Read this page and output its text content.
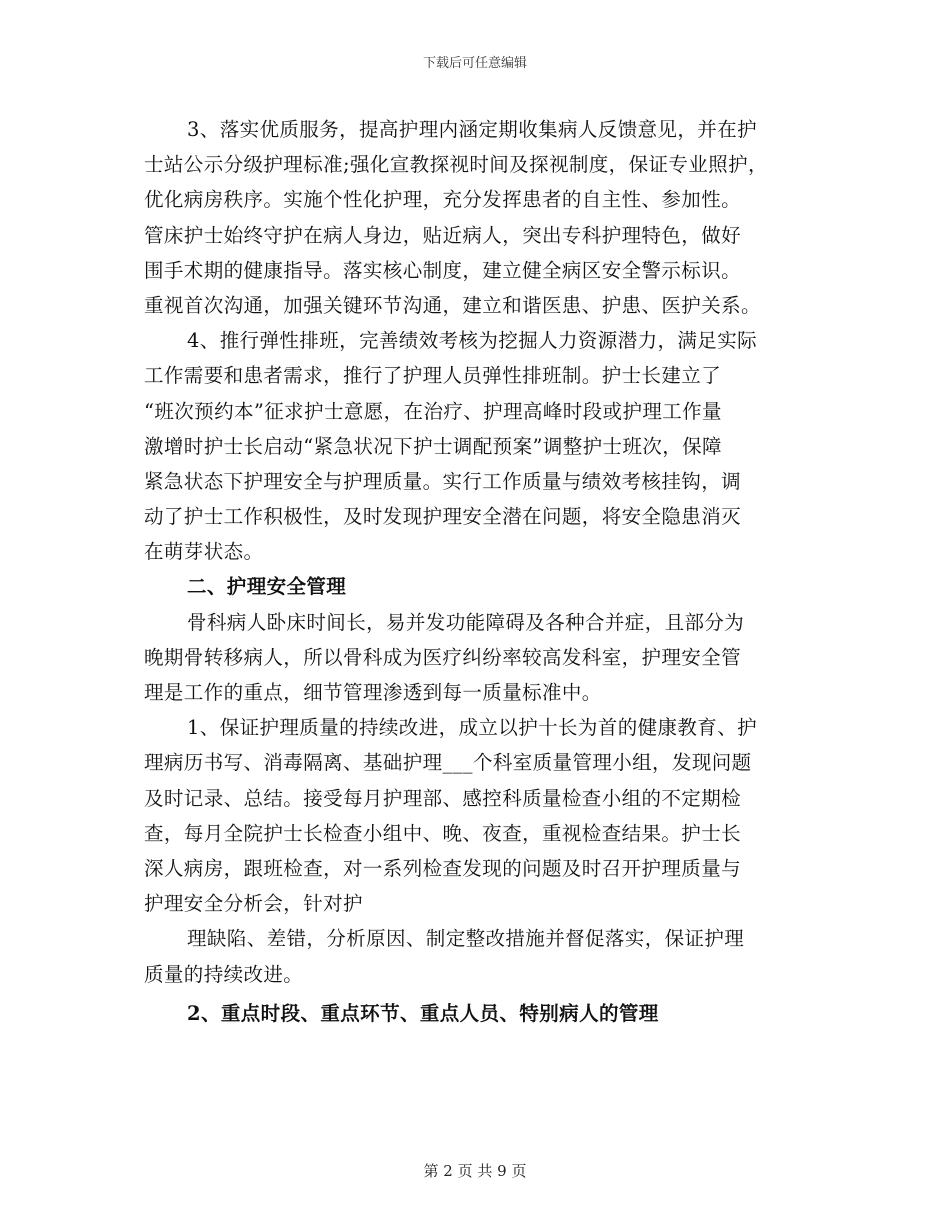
下载后可任意编辑
3、落实优质服务，提高护理内涵定期收集病人反馈意见，并在护
士站公示分级护理标准;强化宣教探视时间及探视制度，保证专业照护，
优化病房秩序。实施个性化护理，充分发挥患者的自主性、参加性。
管床护士始终守护在病人身边，贴近病人，突出专科护理特色，做好
围手术期的健康指导。落实核心制度，建立健全病区安全警示标识。
重视首次沟通，加强关键环节沟通，建立和谐医患、护患、医护关系。
4、推行弹性排班，完善绩效考核为挖掘人力资源潜力，满足实际
工作需要和患者需求，推行了护理人员弹性排班制。护士长建立了
“班次预约本”征求护士意愿，在治疗、护理高峰时段或护理工作量
激增时护士长启动“紧急状况下护士调配预案”调整护士班次，保障
紧急状态下护理安全与护理质量。实行工作质量与绩效考核挂钩，调
动了护士工作积极性，及时发现护理安全潜在问题，将安全隐患消灭
在萌芽状态。
二、护理安全管理
骨科病人卧床时间长，易并发功能障碍及各种合并症，且部分为
晚期骨转移病人，所以骨科成为医疗纠纷率较高发科室，护理安全管
理是工作的重点，细节管理渗透到每一质量标准中。
1、保证护理质量的持续改进，成立以护十长为首的健康教育、护
理病历书写、消毒隔离、基础护理___个科室质量管理小组，发现问题
及时记录、总结。接受每月护理部、感控科质量检查小组的不定期检
查，每月全院护士长检查小组中、晚、夜查，重视检查结果。护士长
深人病房，跟班检查，对一系列检查发现的问题及时召开护理质量与
护理安全分析会，针对护
理缺陷、差错，分析原因、制定整改措施并督促落实，保证护理
质量的持续改进。
2、重点时段、重点环节、重点人员、特别病人的管理
第 2 页 共 9 页
